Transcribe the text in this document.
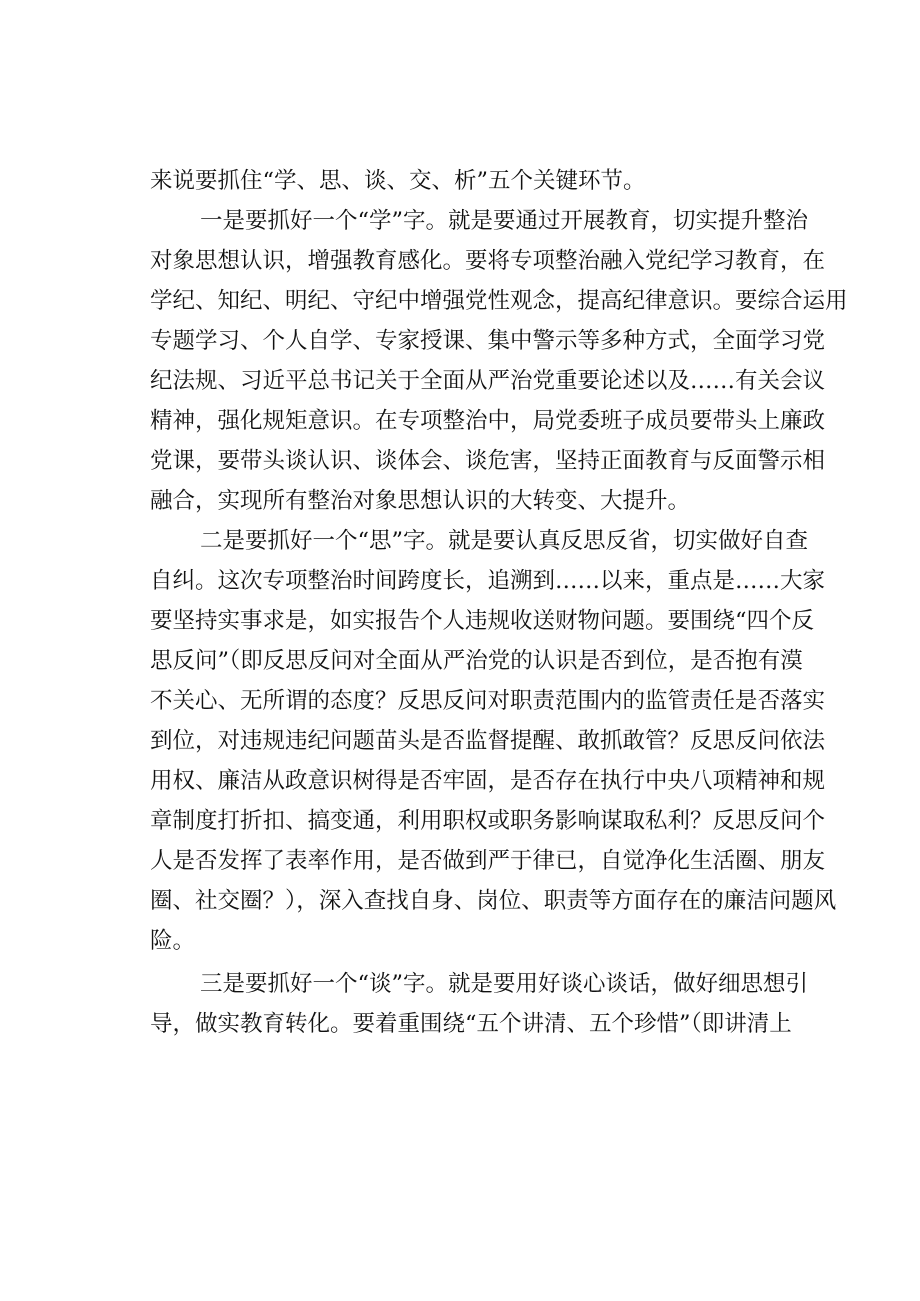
来说要抓住“学、思、谈、交、析”五个关键环节。
一是要抓好一个“学”字。就是要通过开展教育，切实提升整治
对象思想认识，增强教育感化。要将专项整治融入党纪学习教育，在
学纪、知纪、明纪、守纪中增强党性观念，提高纪律意识。要综合运用
专题学习、个人自学、专家授课、集中警示等多种方式，全面学习党
纪法规、习近平总书记关于全面从严治党重要论述以及……有关会议
精神，强化规矩意识。在专项整治中，局党委班子成员要带头上廉政
党课，要带头谈认识、谈体会、谈危害，坚持正面教育与反面警示相
融合，实现所有整治对象思想认识的大转变、大提升。
二是要抓好一个“思”字。就是要认真反思反省，切实做好自查
自纠。这次专项整治时间跨度长，追溯到……以来，重点是……大家
要坚持实事求是，如实报告个人违规收送财物问题。要围绕“四个反
思反问”（即反思反问对全面从严治党的认识是否到位，是否抱有漠
不关心、无所谓的态度？反思反问对职责范围内的监管责任是否落实
到位，对违规违纪问题苗头是否监督提醒、敢抓敢管？反思反问依法
用权、廉洁从政意识树得是否牢固，是否存在执行中央八项精神和规
章制度打折扣、搞变通，利用职权或职务影响谋取私利？反思反问个
人是否发挥了表率作用，是否做到严于律已，自觉净化生活圈、朋友
圈、社交圈？），深入查找自身、岗位、职责等方面存在的廉洁问题风
险。
三是要抓好一个“谈”字。就是要用好谈心谈话，做好细思想引
导，做实教育转化。要着重围绕“五个讲清、五个珍惜”（即讲清上
